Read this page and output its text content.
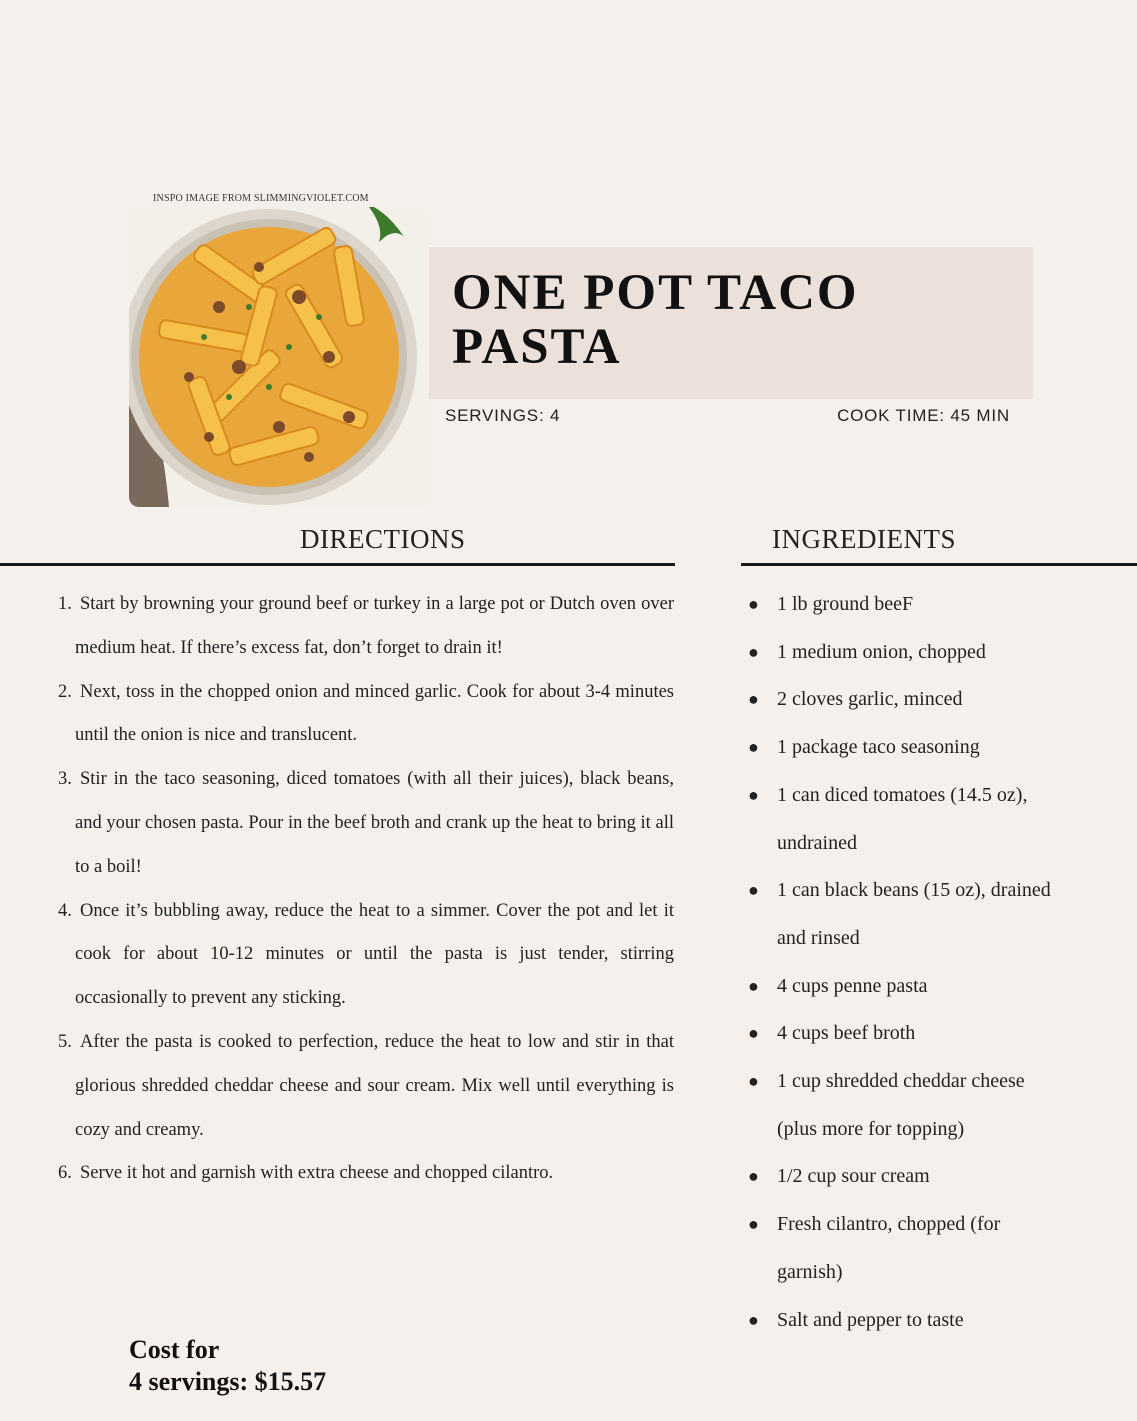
INSPO IMAGE FROM SLIMMINGVIOLET.COM
ONE POT TACO
PASTA
SERVINGS: 4	COOK TIME: 45 MIN
DIRECTIONS	INGREDIENTS
1. Start by browning your ground beef or turkey in a large pot or Dutch oven over medium heat. If there’s excess fat, don’t forget to drain it!
2. Next, toss in the chopped onion and minced garlic. Cook for about 3-4 minutes until the onion is nice and translucent.
3. Stir in the taco seasoning, diced tomatoes (with all their juices), black beans, and your chosen pasta. Pour in the beef broth and crank up the heat to bring it all to a boil!
4. Once it’s bubbling away, reduce the heat to a simmer. Cover the pot and let it cook for about 10-12 minutes or until the pasta is just tender, stirring occasionally to prevent any sticking.
5. After the pasta is cooked to perfection, reduce the heat to low and stir in that glorious shredded cheddar cheese and sour cream. Mix well until everything is cozy and creamy.
6. Serve it hot and garnish with extra cheese and chopped cilantro.
● 1 lb ground beeF
● 1 medium onion, chopped
● 2 cloves garlic, minced
● 1 package taco seasoning
● 1 can diced tomatoes (14.5 oz), undrained
● 1 can black beans (15 oz), drained and rinsed
● 4 cups penne pasta
● 4 cups beef broth
● 1 cup shredded cheddar cheese (plus more for topping)
● 1/2 cup sour cream
● Fresh cilantro, chopped (for garnish)
● Salt and pepper to taste
Cost for
4 servings: $15.57
